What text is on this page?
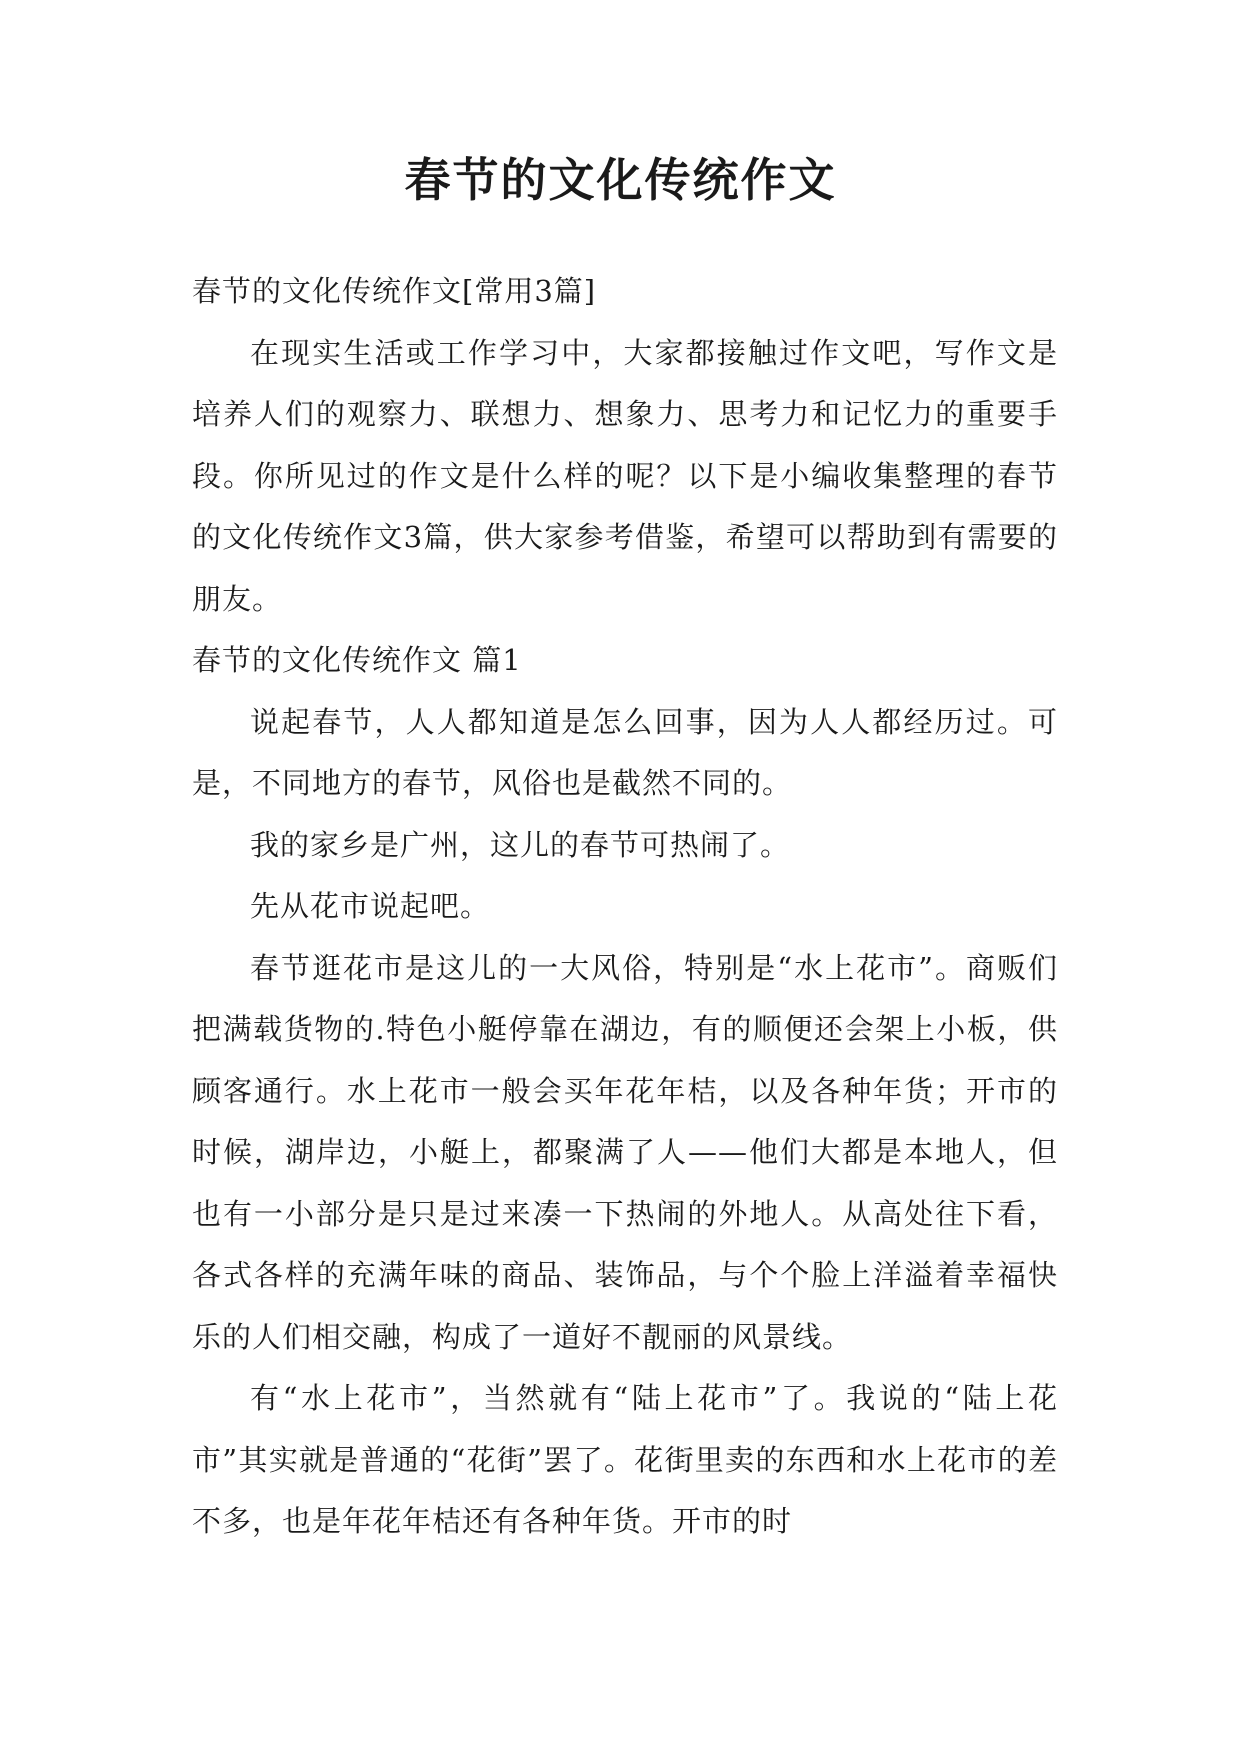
春节的文化传统作文

春节的文化传统作文[常用3篇]

在现实生活或工作学习中，大家都接触过作文吧，写作文是培养人们的观察力、联想力、想象力、思考力和记忆力的重要手段。你所见过的作文是什么样的呢？以下是小编收集整理的春节的文化传统作文3篇，供大家参考借鉴，希望可以帮助到有需要的朋友。

春节的文化传统作文 篇1

说起春节，人人都知道是怎么回事，因为人人都经历过。可是，不同地方的春节，风俗也是截然不同的。

我的家乡是广州，这儿的春节可热闹了。

先从花市说起吧。

春节逛花市是这儿的一大风俗，特别是“水上花市”。商贩们把满载货物的.特色小艇停靠在湖边，有的顺便还会架上小板，供顾客通行。水上花市一般会买年花年桔，以及各种年货；开市的时候，湖岸边，小艇上，都聚满了人——他们大都是本地人，但也有一小部分是只是过来凑一下热闹的外地人。从高处往下看，各式各样的充满年味的商品、装饰品，与个个脸上洋溢着幸福快乐的人们相交融，构成了一道好不靓丽的风景线。

有“水上花市”，当然就有“陆上花市”了。我说的“陆上花市”其实就是普通的“花街”罢了。花街里卖的东西和水上花市的差不多，也是年花年桔还有各种年货。开市的时
